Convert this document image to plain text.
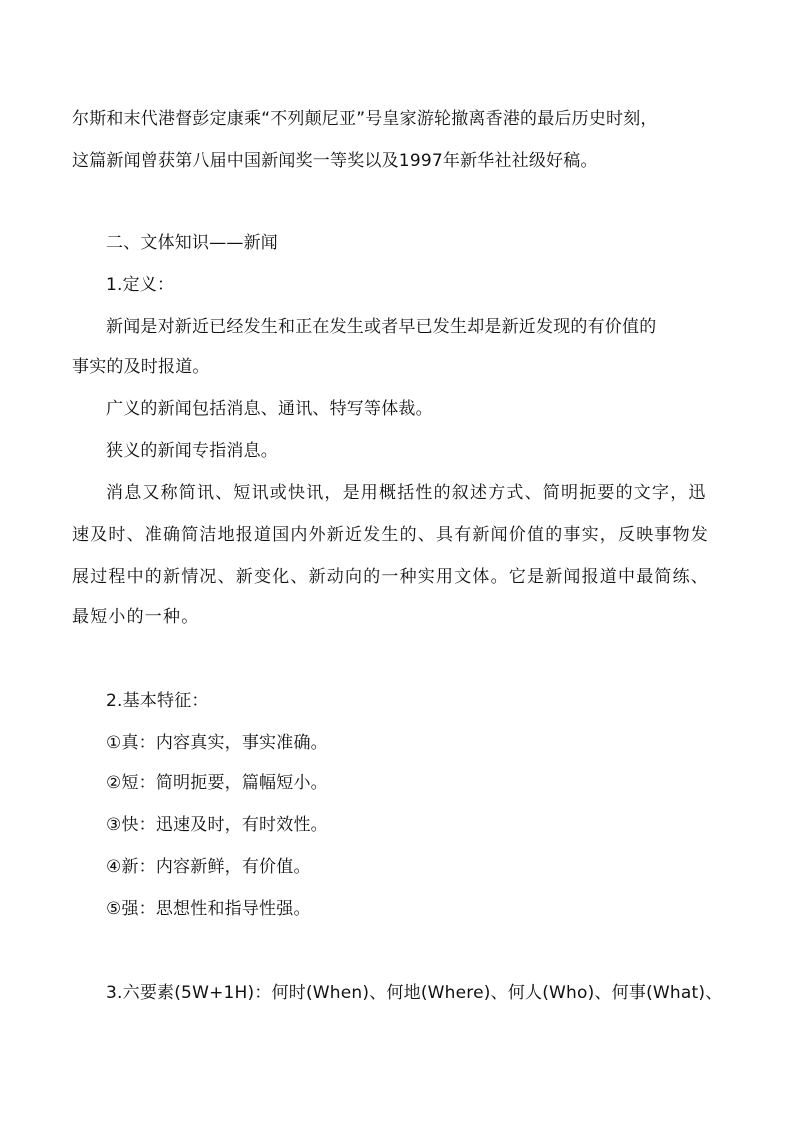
尔斯和末代港督彭定康乘“不列颠尼亚”号皇家游轮撤离香港的最后历史时刻，
这篇新闻曾获第八届中国新闻奖一等奖以及1997年新华社社级好稿。
二、文体知识——新闻
1.定义：
新闻是对新近已经发生和正在发生或者早已发生却是新近发现的有价值的
事实的及时报道。
广义的新闻包括消息、通讯、特写等体裁。
狭义的新闻专指消息。
消息又称简讯、短讯或快讯，是用概括性的叙述方式、简明扼要的文字，迅
速及时、准确简洁地报道国内外新近发生的、具有新闻价值的事实，反映事物发
展过程中的新情况、新变化、新动向的一种实用文体。它是新闻报道中最简练、
最短小的一种。
2.基本特征：
①真：内容真实，事实准确。
②短：简明扼要，篇幅短小。
③快：迅速及时，有时效性。
④新：内容新鲜，有价值。
⑤强：思想性和指导性强。
3.六要素(5W+1H)：何时(When)、何地(Where)、何人(Who)、何事(What)、
